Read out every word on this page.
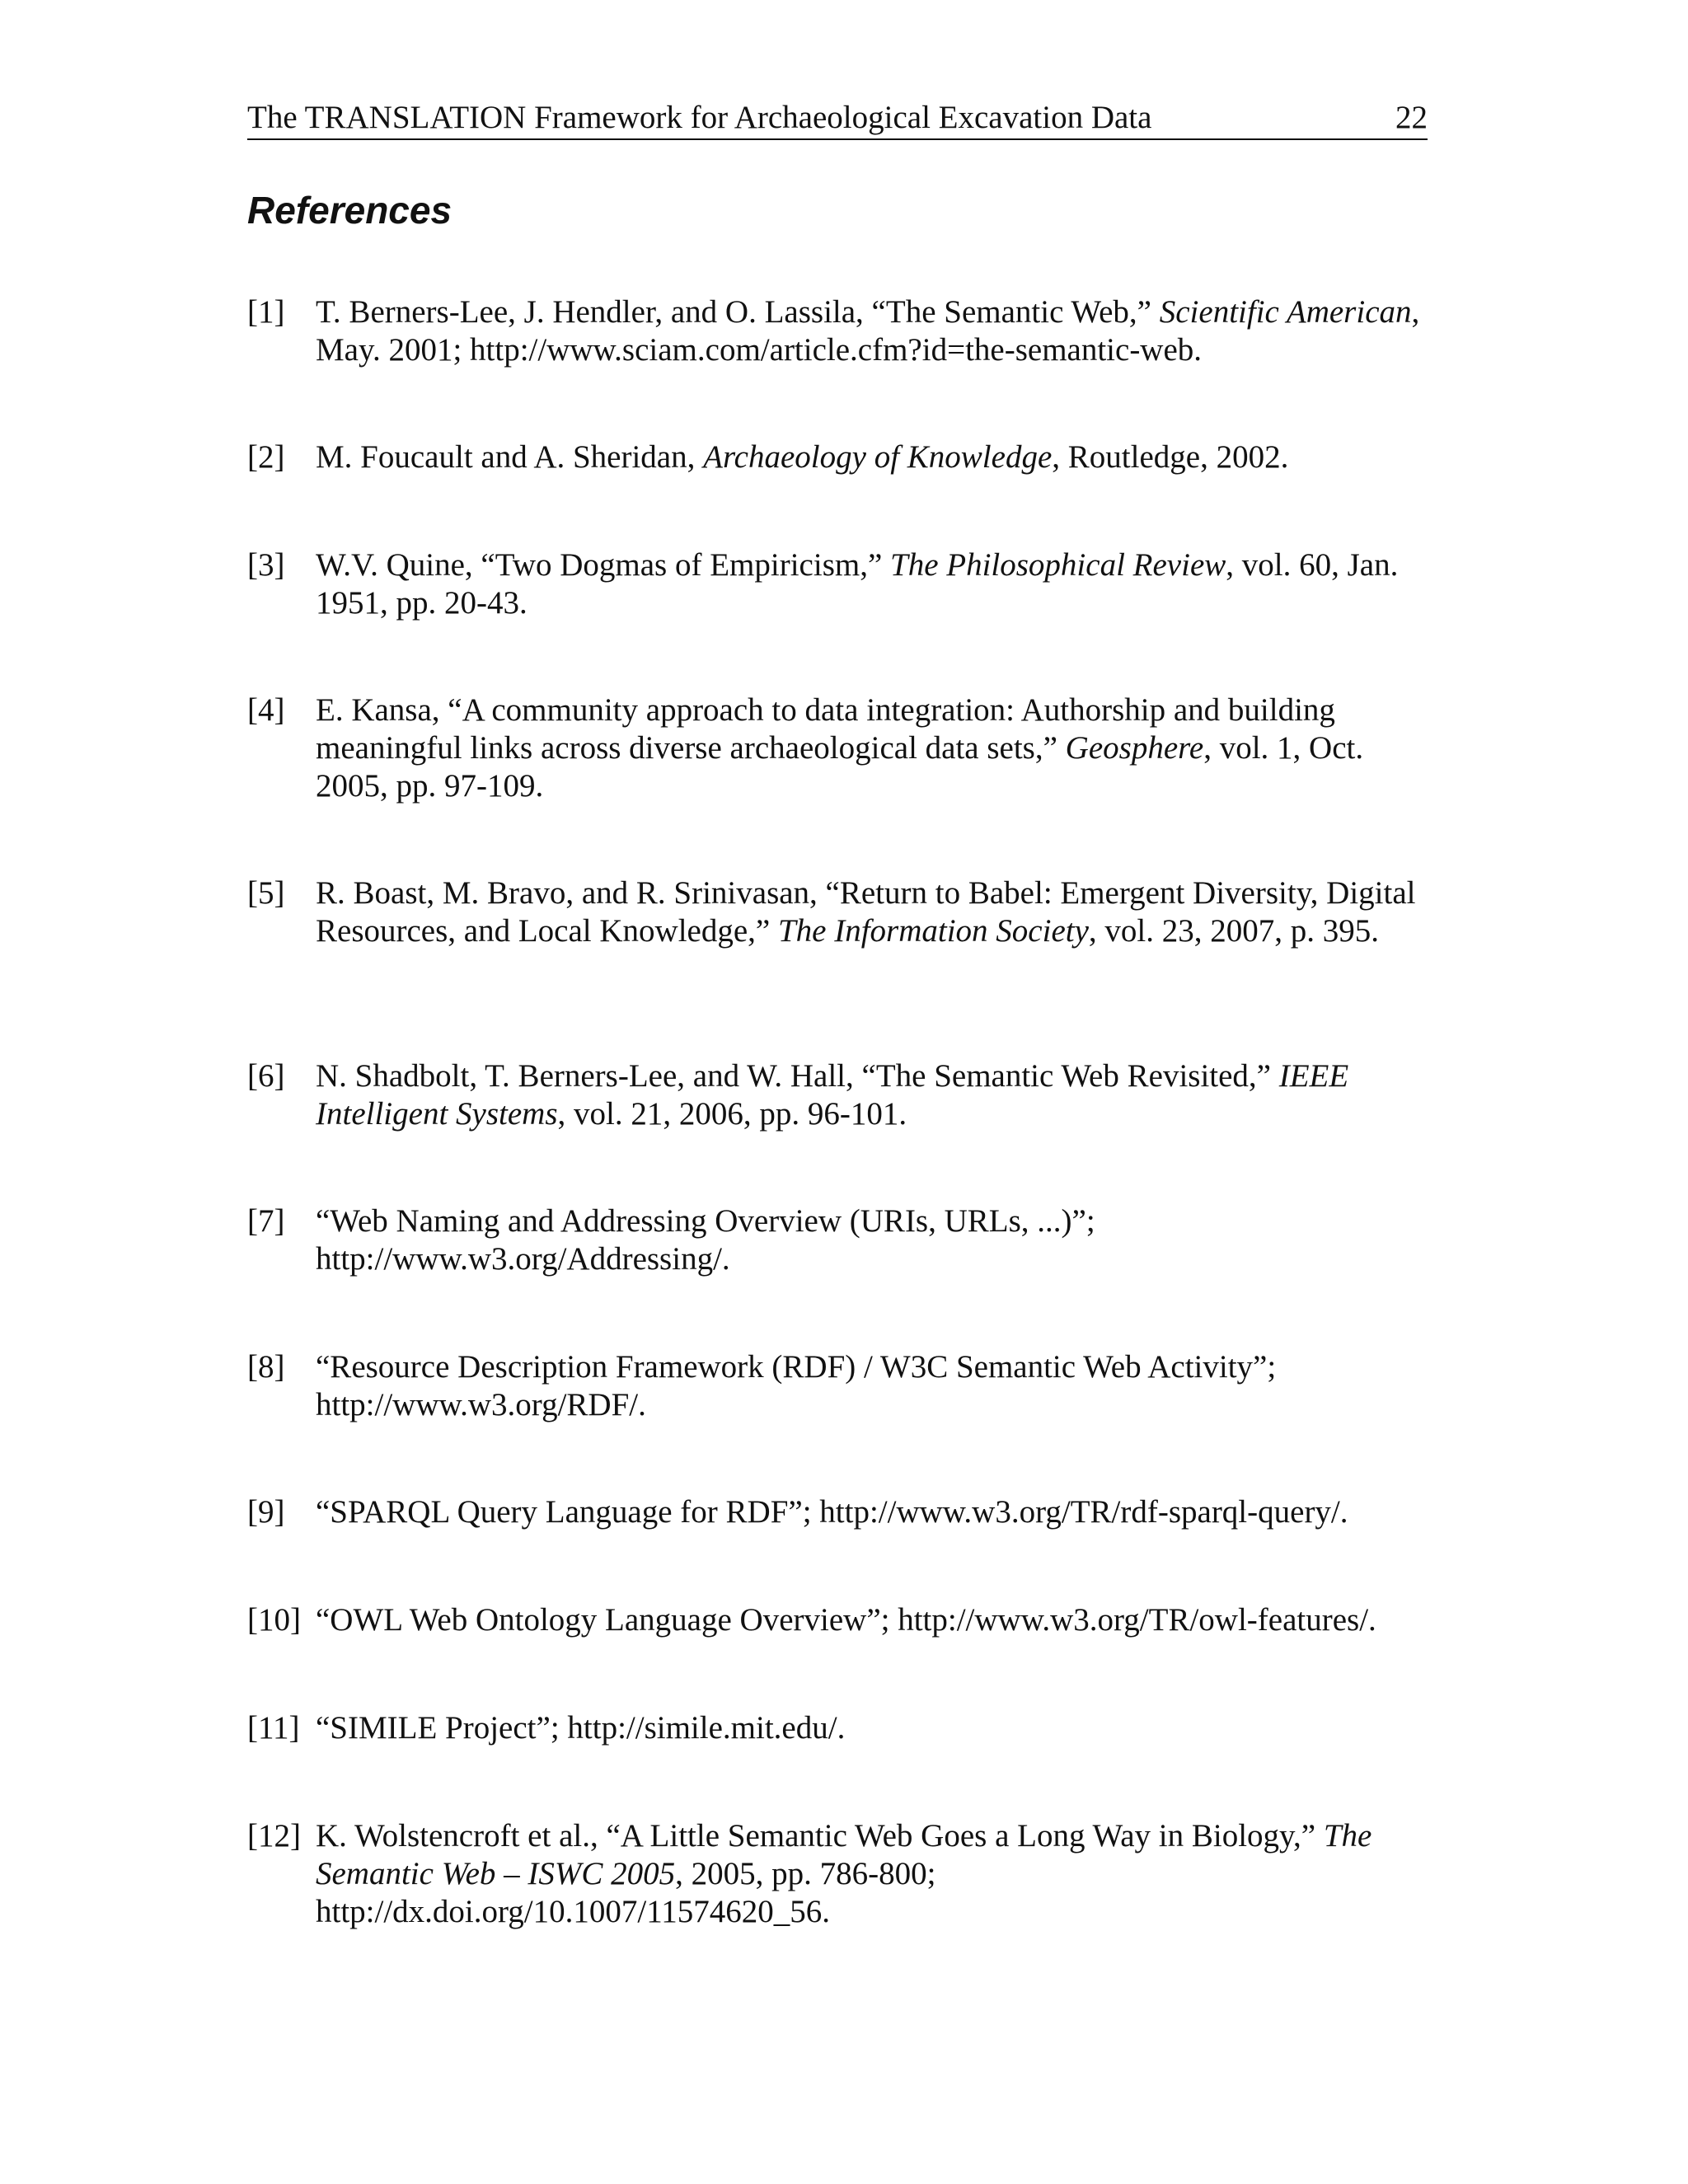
The TRANSLATION Framework for Archaeological Excavation Data	22
References
[1] T. Berners-Lee, J. Hendler, and O. Lassila, “The Semantic Web,” Scientific American, May. 2001; http://www.sciam.com/article.cfm?id=the-semantic-web.
[2] M. Foucault and A. Sheridan, Archaeology of Knowledge, Routledge, 2002.
[3] W.V. Quine, “Two Dogmas of Empiricism,” The Philosophical Review, vol. 60, Jan. 1951, pp. 20-43.
[4] E. Kansa, “A community approach to data integration: Authorship and building meaningful links across diverse archaeological data sets,” Geosphere, vol. 1, Oct. 2005, pp. 97-109.
[5] R. Boast, M. Bravo, and R. Srinivasan, “Return to Babel: Emergent Diversity, Digital Resources, and Local Knowledge,” The Information Society, vol. 23, 2007, p. 395.
[6] N. Shadbolt, T. Berners-Lee, and W. Hall, “The Semantic Web Revisited,” IEEE Intelligent Systems, vol. 21, 2006, pp. 96-101.
[7] “Web Naming and Addressing Overview (URIs, URLs, ...)”; http://www.w3.org/Addressing/.
[8] “Resource Description Framework (RDF) / W3C Semantic Web Activity”; http://www.w3.org/RDF/.
[9] “SPARQL Query Language for RDF”; http://www.w3.org/TR/rdf-sparql-query/.
[10] “OWL Web Ontology Language Overview”; http://www.w3.org/TR/owl-features/.
[11] “SIMILE Project”; http://simile.mit.edu/.
[12] K. Wolstencroft et al., “A Little Semantic Web Goes a Long Way in Biology,” The Semantic Web – ISWC 2005, 2005, pp. 786-800; http://dx.doi.org/10.1007/11574620_56.
